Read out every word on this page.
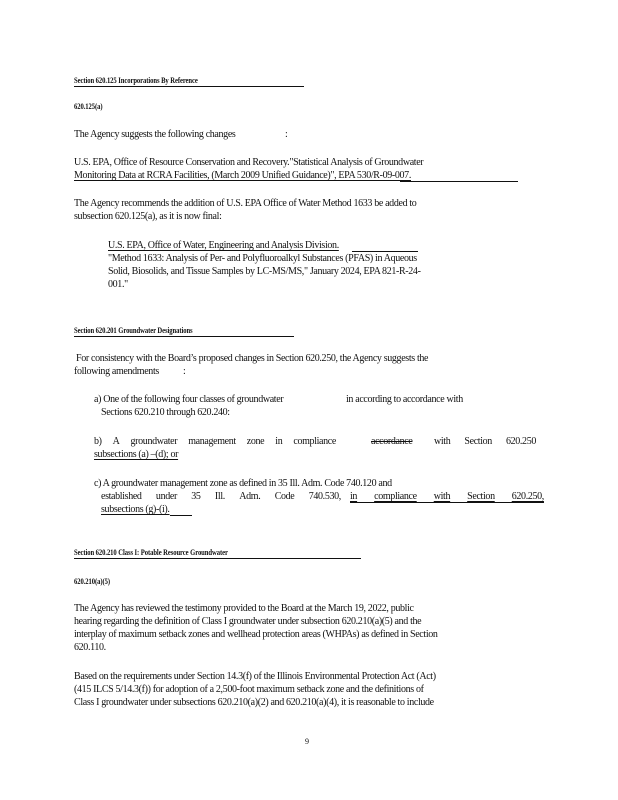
Section 620.125 Incorporations By Reference
620.125(a)
The Agency suggests the following changes	:
U.S. EPA, Office of Resource Conservation and Recovery."Statistical Analysis of Groundwater
Monitoring Data at RCRA Facilities, (March 2009 Unified Guidance)", EPA 530/R-09-007.
The Agency recommends the addition of U.S. EPA Office of Water Method 1633 be added to
subsection 620.125(a), as it is now final:
U.S. EPA, Office of Water, Engineering and Analysis Division.
"Method 1633: Analysis of Per- and Polyfluoroalkyl Substances (PFAS) in Aqueous
Solid, Biosolids, and Tissue Samples by LC-MS/MS," January 2024, EPA 821-R-24-
001."
Section 620.201 Groundwater Designations
For consistency with the Board’s proposed changes in Section 620.250, the Agency suggests the
following amendments :
a) One of the following four classes of groundwater	in according to accordance with
Sections 620.210 through 620.240:
b) A groundwater management zone in compliance	accordance with Section 620.250
subsections (a) –(d); or
c) A groundwater management zone as defined in 35 Ill. Adm. Code 740.120 and
established under 35 Ill. Adm. Code 740.530, in compliance with Section 620.250,
subsections (g)-(i).
Section 620.210 Class I: Potable Resource Groundwater
620.210(a)(5)
The Agency has reviewed the testimony provided to the Board at the March 19, 2022, public
hearing regarding the definition of Class I groundwater under subsection 620.210(a)(5) and the
interplay of maximum setback zones and wellhead protection areas (WHPAs) as defined in Section
620.110.
Based on the requirements under Section 14.3(f) of the Illinois Environmental Protection Act (Act)
(415 ILCS 5/14.3(f)) for adoption of a 2,500-foot maximum setback zone and the definitions of
Class I groundwater under subsections 620.210(a)(2) and 620.210(a)(4), it is reasonable to include
9
